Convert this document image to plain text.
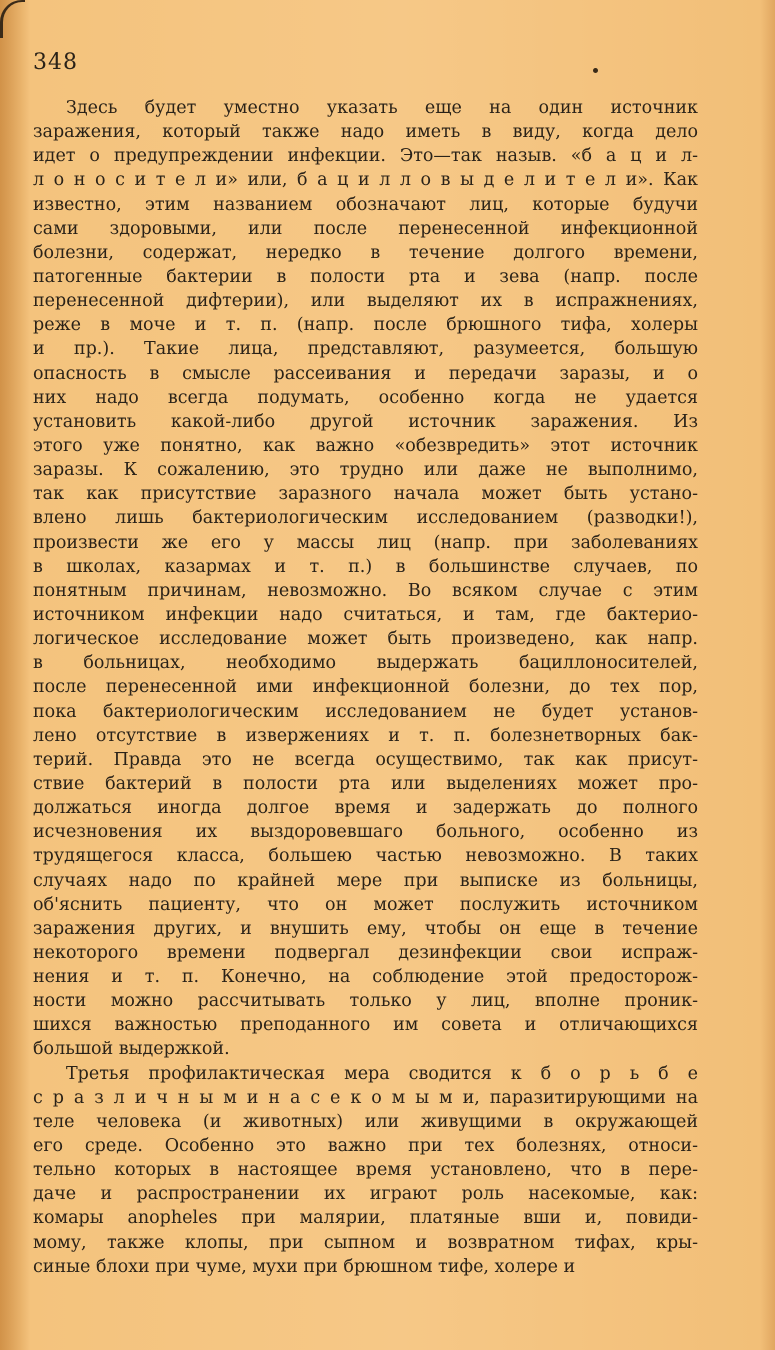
348
Здесь будет уместно указать еще на один источник
заражения, который также надо иметь в виду, когда дело
идет о предупреждении инфекции. Это—так назыв. «б а ц и л-
л о н о с и т е л и» или, б а ц и л л о в ы д е л и т е л и». Как
известно, этим названием обозначают лиц, которые будучи
сами здоровыми, или после перенесенной инфекционной
болезни, содержат, нередко в течение долгого времени,
патогенные бактерии в полости рта и зева (напр. после
перенесенной дифтерии), или выделяют их в испражнениях,
реже в моче и т. п. (напр. после брюшного тифа, холеры
и пр.). Такие лица, представляют, разумеется, большую
опасность в смысле рассеивания и передачи заразы, и о
них надо всегда подумать, особенно когда не удается
установить какой-либо другой источник заражения. Из
этого уже понятно, как важно «обезвредить» этот источник
заразы. К сожалению, это трудно или даже не выполнимо,
так как присутствие заразного начала может быть устано-
влено лишь бактериологическим исследованием (разводки!),
произвести же его у массы лиц (напр. при заболеваниях
в школах, казармах и т. п.) в большинстве случаев, по
понятным причинам, невозможно. Во всяком случае с этим
источником инфекции надо считаться, и там, где бактерио-
логическое исследование может быть произведено, как напр.
в больницах, необходимо выдержать бациллоносителей,
после перенесенной ими инфекционной болезни, до тех пор,
пока бактериологическим исследованием не будет установ-
лено отсутствие в извержениях и т. п. болезнетворных бак-
терий. Правда это не всегда осуществимо, так как присут-
ствие бактерий в полости рта или выделениях может про-
должаться иногда долгое время и задержать до полного
исчезновения их выздоровевшаго больного, особенно из
трудящегося класса, большею частью невозможно. В таких
случаях надо по крайней мере при выписке из больницы,
об'яснить пациенту, что он может послужить источником
заражения других, и внушить ему, чтобы он еще в течение
некоторого времени подвергал дезинфекции свои испраж-
нения и т. п. Конечно, на соблюдение этой предосторож-
ности можно рассчитывать только у лиц, вполне проник-
шихся важностью преподанного им совета и отличающихся
большой выдержкой.
Третья профилактическая мера сводится к б о р ь б е
с р а з л и ч н ы м и н а с е к о м ы м и, паразитирующими на
теле человека (и животных) или живущими в окружающей
его среде. Особенно это важно при тех болезнях, относи-
тельно которых в настоящее время установлено, что в пере-
даче и распространении их играют роль насекомые, как:
комары anopheles при малярии, платяные вши и, повиди-
мому, также клопы, при сыпном и возвратном тифах, кры-
синые блохи при чуме, мухи при брюшном тифе, холере и
